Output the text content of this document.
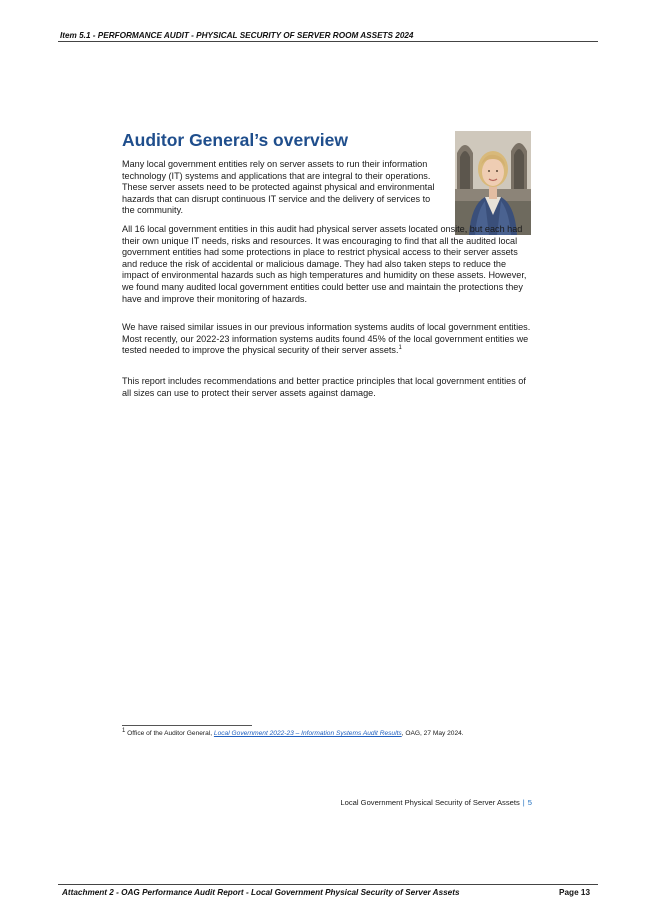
Item 5.1 - PERFORMANCE AUDIT - PHYSICAL SECURITY OF SERVER ROOM ASSETS 2024
Auditor General’s overview

Many local government entities rely on server assets to run their information technology (IT) systems and applications that are integral to their operations. These server assets need to be protected against physical and environmental hazards that can disrupt continuous IT service and the delivery of services to the community.

All 16 local government entities in this audit had physical server assets located onsite, but each had their own unique IT needs, risks and resources. It was encouraging to find that all the audited local government entities had some protections in place to restrict physical access to their server assets and reduce the risk of accidental or malicious damage. They had also taken steps to reduce the impact of environmental hazards such as high temperatures and humidity on these assets. However, we found many audited local government entities could better use and maintain the protections they have and improve their monitoring of hazards.

We have raised similar issues in our previous information systems audits of local government entities. Most recently, our 2022-23 information systems audits found 45% of the local government entities we tested needed to improve the physical security of their server assets.$^1$

This report includes recommendations and better practice principles that local government entities of all sizes can use to protect their server assets against damage.

$^1$ Office of the Auditor General, Local Government 2022-23 – Information Systems Audit Results, OAG, 27 May 2024.
Local Government Physical Security of Server Assets | 5
Attachment 2 - OAG Performance Audit Report - Local Government Physical Security of Server Assets	Page 13
